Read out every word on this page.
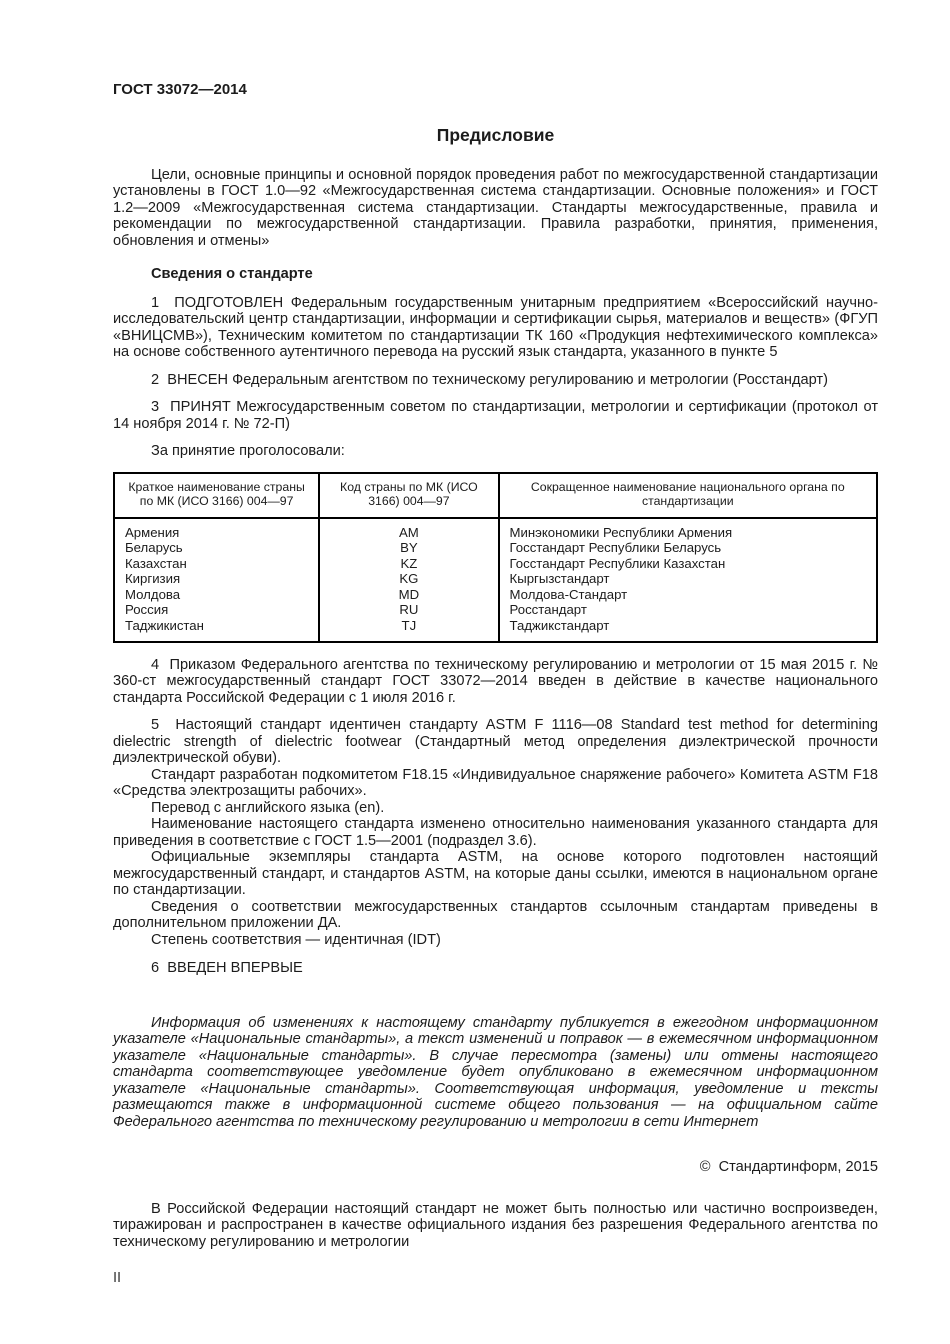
ГОСТ 33072—2014
Предисловие

Цели, основные принципы и основной порядок проведения работ по межгосударственной стандартизации установлены в ГОСТ 1.0—92 «Межгосударственная система стандартизации. Основные положения» и ГОСТ 1.2—2009 «Межгосударственная система стандартизации. Стандарты межгосударственные, правила и рекомендации по межгосударственной стандартизации. Правила разработки, принятия, применения, обновления и отмены»

Сведения о стандарте

1  ПОДГОТОВЛЕН Федеральным государственным унитарным предприятием «Всероссийский научно-исследовательский центр стандартизации, информации и сертификации сырья, материалов и веществ» (ФГУП «ВНИЦСМВ»), Техническим комитетом по стандартизации ТК 160 «Продукция нефтехимического комплекса» на основе собственного аутентичного перевода на русский язык стандарта, указанного в пункте 5

2  ВНЕСЕН Федеральным агентством по техническому регулированию и метрологии (Росстандарт)

3  ПРИНЯТ Межгосударственным советом по стандартизации, метрологии и сертификации (протокол от 14 ноября 2014 г. № 72-П)

За принятие проголосовали:

Краткое наименование страны по МК (ИСО 3166) 004—97	Код страны по МК (ИСО 3166) 004—97	Сокращенное наименование национального органа по стандартизации
Армения	AM	Минэкономики Республики Армения
Беларусь	BY	Госстандарт Республики Беларусь
Казахстан	KZ	Госстандарт Республики Казахстан
Киргизия	KG	Кыргызстандарт
Молдова	MD	Молдова-Стандарт
Россия	RU	Росстандарт
Таджикистан	TJ	Таджикстандарт

4  Приказом Федерального агентства по техническому регулированию и метрологии от 15 мая 2015 г. № 360-ст межгосударственный стандарт ГОСТ 33072—2014 введен в действие в качестве национального стандарта Российской Федерации с 1 июля 2016 г.

5  Настоящий стандарт идентичен стандарту ASTM F 1116—08 Standard test method for determining dielectric strength of dielectric footwear (Стандартный метод определения диэлектрической прочности диэлектрической обуви).

Стандарт разработан подкомитетом F18.15 «Индивидуальное снаряжение рабочего» Комитета ASTM F18 «Средства электрозащиты рабочих».

Перевод с английского языка (en).

Наименование настоящего стандарта изменено относительно наименования указанного стандарта для приведения в соответствие с ГОСТ 1.5—2001 (подраздел 3.6).

Официальные экземпляры стандарта ASTM, на основе которого подготовлен настоящий межгосударственный стандарт, и стандартов ASTM, на которые даны ссылки, имеются в национальном органе по стандартизации.

Сведения о соответствии межгосударственных стандартов ссылочным стандартам приведены в дополнительном приложении ДА.

Степень соответствия — идентичная (IDT)

6  ВВЕДЕН ВПЕРВЫЕ

Информация об изменениях к настоящему стандарту публикуется в ежегодном информационном указателе «Национальные стандарты», а текст изменений и поправок — в ежемесячном информационном указателе «Национальные стандарты». В случае пересмотра (замены) или отмены настоящего стандарта соответствующее уведомление будет опубликовано в ежемесячном информационном указателе «Национальные стандарты». Соответствующая информация, уведомление и тексты размещаются также в информационной системе общего пользования — на официальном сайте Федерального агентства по техническому регулированию и метрологии в сети Интернет

©  Стандартинформ, 2015

В Российской Федерации настоящий стандарт не может быть полностью или частично воспроизведен, тиражирован и распространен в качестве официального издания без разрешения Федерального агентства по техническому регулированию и метрологии

II
